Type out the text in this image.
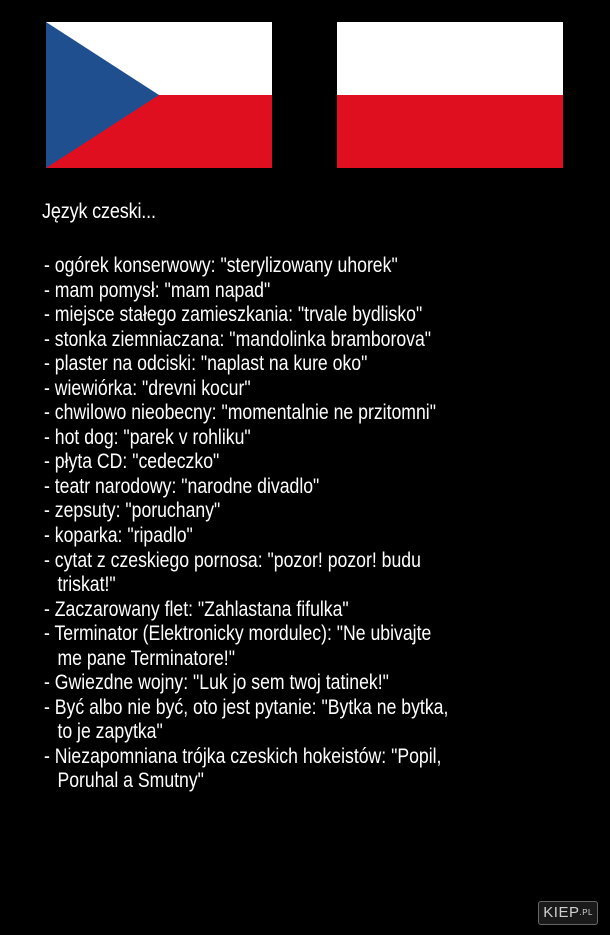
Język czeski...
- ogórek konserwowy: "sterylizowany uhorek"
- mam pomysł: "mam napad"
- miejsce stałego zamieszkania: "trvale bydlisko"
- stonka ziemniaczana: "mandolinka bramborova"
- plaster na odciski: "naplast na kure oko"
- wiewiórka: "drevni kocur"
- chwilowo nieobecny: "momentalnie ne przitomni"
- hot dog: "parek v rohliku"
- płyta CD: "cedeczko"
- teatr narodowy: "narodne divadlo"
- zepsuty: "poruchany"
- koparka: "ripadlo"
- cytat z czeskiego pornosa: "pozor! pozor! budu
triskat!"
- Zaczarowany flet: "Zahlastana fifulka"
- Terminator (Elektronicky mordulec): "Ne ubivajte
me pane Terminatore!"
- Gwiezdne wojny: "Luk jo sem twoj tatinek!"
- Być albo nie być, oto jest pytanie: "Bytka ne bytka,
to je zapytka"
- Niezapomniana trójka czeskich hokeistów: "Popil,
Poruhal a Smutny"
$KIEP^{.PL}$
